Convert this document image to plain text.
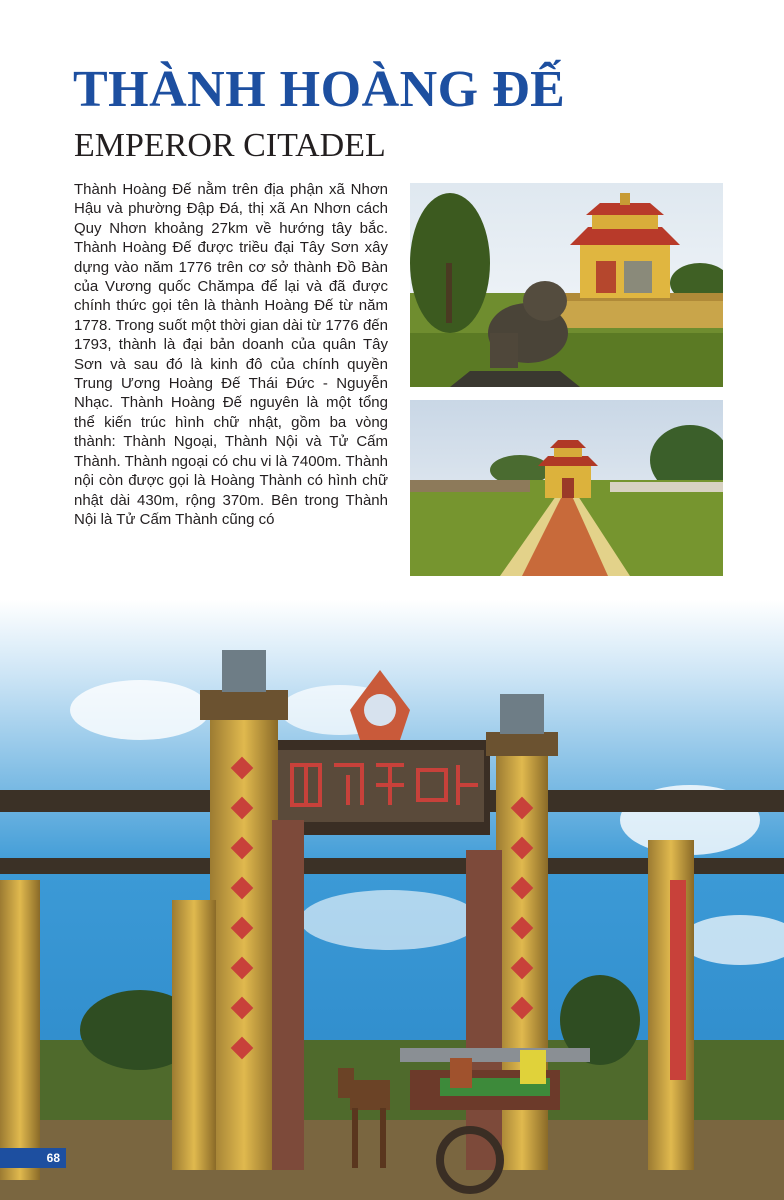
THÀNH HOÀNG ĐẾ
EMPEROR CITADEL

Thành Hoàng Đế nằm trên địa phận xã Nhơn Hậu và phường Đập Đá, thị xã An Nhơn cách Quy Nhơn khoảng 27km về hướng tây bắc. Thành Hoàng Đế được triều đại Tây Sơn xây dựng vào năm 1776 trên cơ sở thành Đồ Bàn của Vương quốc Chămpa để lại và đã được chính thức gọi tên là thành Hoàng Đế từ năm 1778. Trong suốt một thời gian dài từ 1776 đến 1793, thành là đại bản doanh của quân Tây Sơn và sau đó là kinh đô của chính quyền Trung Ương Hoàng Đế Thái Đức - Nguyễn Nhạc. Thành Hoàng Đế nguyên là một tổng thể kiến trúc hình chữ nhật, gồm ba vòng thành: Thành Ngoại, Thành Nội và Tử Cấm Thành. Thành ngoại có chu vi là 7400m. Thành nội còn được gọi là Hoàng Thành có hình chữ nhật dài 430m, rộng 370m. Bên trong Thành Nội là Tử Cấm Thành cũng có

68
